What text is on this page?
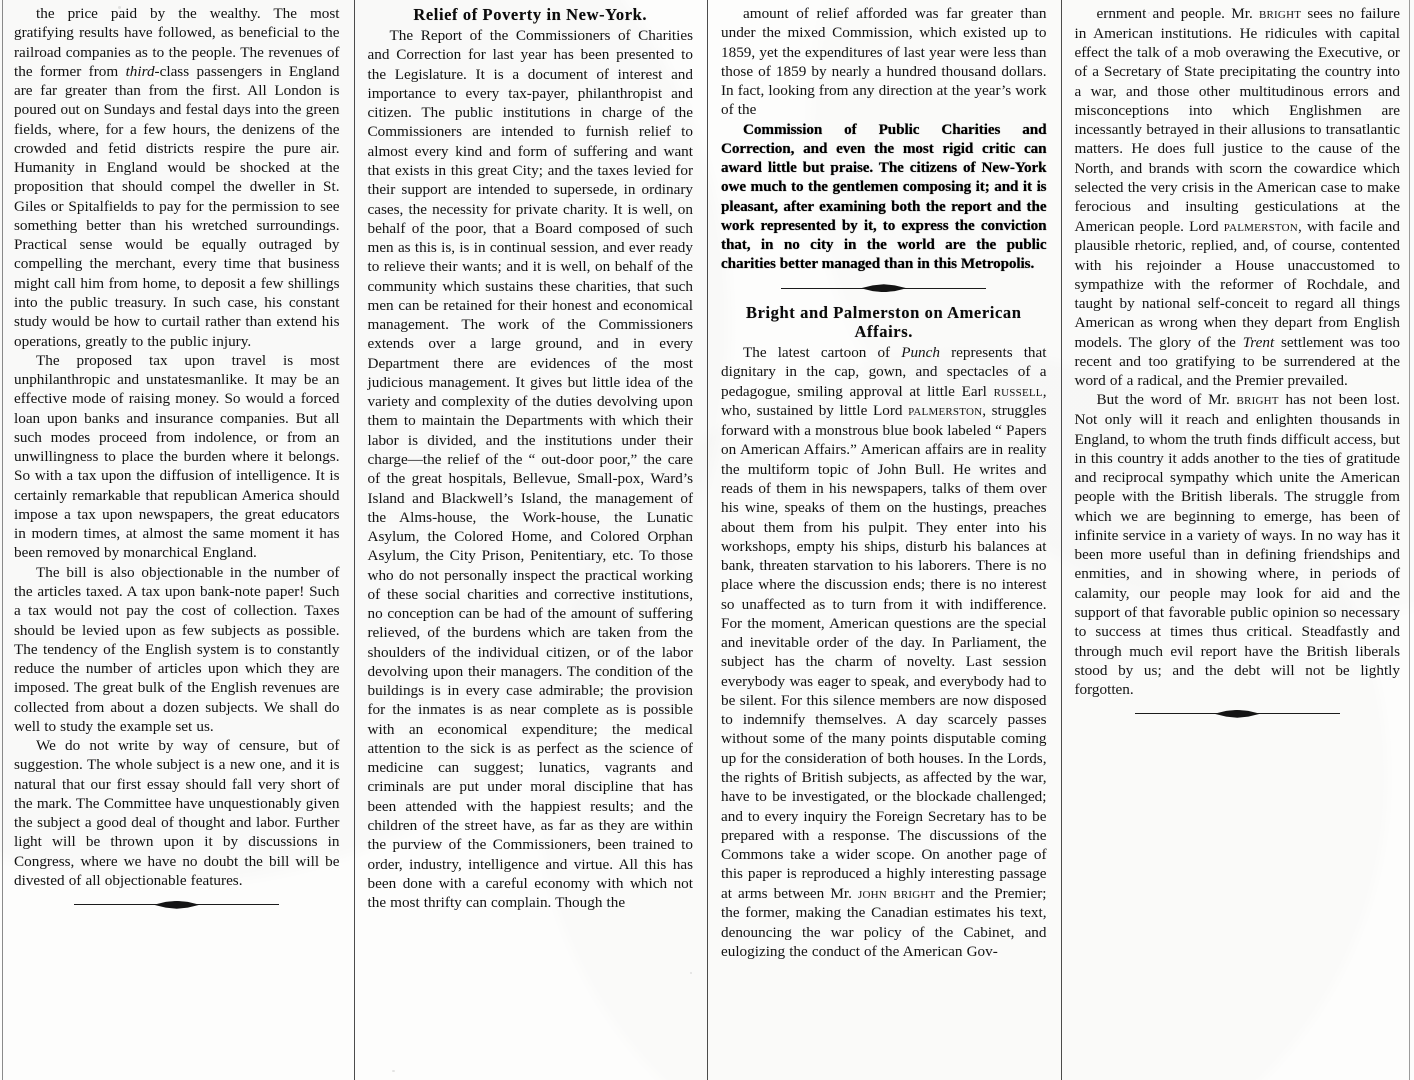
the price paid by the wealthy. The most gratifying results have followed, as beneficial to the railroad companies as to the people. The revenues of the former from third-class passengers in England are far greater than from the first. All London is poured out on Sundays and festal days into the green fields, where, for a few hours, the denizens of the crowded and fetid districts respire the pure air. Humanity in England would be shocked at the proposition that should compel the dweller in St. Giles or Spitalfields to pay for the permission to see something better than his wretched surroundings. Practical sense would be equally outraged by compelling the merchant, every time that business might call him from home, to deposit a few shillings into the public treasury. In such case, his constant study would be how to curtail rather than extend his operations, greatly to the public injury.

The proposed tax upon travel is most unphilanthropic and unstatesmanlike. It may be an effective mode of raising money. So would a forced loan upon banks and insurance companies. But all such modes proceed from indolence, or from an unwillingness to place the burden where it belongs. So with a tax upon the diffusion of intelligence. It is certainly remarkable that republican America should impose a tax upon newspapers, the great educators in modern times, at almost the same moment it has been removed by monarchical England.

The bill is also objectionable in the number of the articles taxed. A tax upon bank-note paper! Such a tax would not pay the cost of collection. Taxes should be levied upon as few subjects as possible. The tendency of the English system is to constantly reduce the number of articles upon which they are imposed. The great bulk of the English revenues are collected from about a dozen subjects. We shall do well to study the example set us.

We do not write by way of censure, but of suggestion. The whole subject is a new one, and it is natural that our first essay should fall very short of the mark. The Committee have unquestionably given the subject a good deal of thought and labor. Further light will be thrown upon it by discussions in Congress, where we have no doubt the bill will be divested of all objectionable features.

Relief of Poverty in New-York.

The Report of the Commissioners of Charities and Correction for last year has been presented to the Legislature. It is a document of interest and importance to every tax-payer, philanthropist and citizen. The public institutions in charge of the Commissioners are intended to furnish relief to almost every kind and form of suffering and want that exists in this great City; and the taxes levied for their support are intended to supersede, in ordinary cases, the necessity for private charity. It is well, on behalf of the poor, that a Board composed of such men as this is, is in continual session, and ever ready to relieve their wants; and it is well, on behalf of the community which sustains these charities, that such men can be retained for their honest and economical management. The work of the Commissioners extends over a large ground, and in every Department there are evidences of the most judicious management. It gives but little idea of the variety and complexity of the duties devolving upon them to maintain the Departments with which their labor is divided, and the institutions under their charge—the relief of the “ out-door poor,” the care of the great hospitals, Bellevue, Small-pox, Ward’s Island and Blackwell’s Island, the management of the Alms-house, the Work-house, the Lunatic Asylum, the Colored Home, and Colored Orphan Asylum, the City Prison, Penitentiary, etc. To those who do not personally inspect the practical working of these social charities and corrective institutions, no conception can be had of the amount of suffering relieved, of the burdens which are taken from the shoulders of the individual citizen, or of the labor devolving upon their managers. The condition of the buildings is in every case admirable; the provision for the inmates is as near complete as is possible with an economical expenditure; the medical attention to the sick is as perfect as the science of medicine can suggest; lunatics, vagrants and criminals are put under moral discipline that has been attended with the happiest results; and the children of the street have, as far as they are within the purview of the Commissioners, been trained to order, industry, intelligence and virtue. All this has been done with a careful economy with which not the most thrifty can complain. Though the

amount of relief afforded was far greater than under the mixed Commission, which existed up to 1859, yet the expenditures of last year were less than those of 1859 by nearly a hundred thousand dollars. In fact, looking from any direction at the year’s work of the

Commission of Public Charities and Correction, and even the most rigid critic can award little but praise. The citizens of New-York owe much to the gentlemen composing it; and it is pleasant, after examining both the report and the work represented by it, to express the conviction that, in no city in the world are the public charities better managed than in this Metropolis.

Bright and Palmerston on American Affairs.

The latest cartoon of Punch represents that dignitary in the cap, gown, and spectacles of a pedagogue, smiling approval at little Earl russell, who, sustained by little Lord palmerston, struggles forward with a monstrous blue book labeled “ Papers on American Affairs.” American affairs are in reality the multiform topic of John Bull. He writes and reads of them in his newspapers, talks of them over his wine, speaks of them on the hustings, preaches about them from his pulpit. They enter into his workshops, empty his ships, disturb his balances at bank, threaten starvation to his laborers. There is no place where the discussion ends; there is no interest so unaffected as to turn from it with indifference. For the moment, American questions are the special and inevitable order of the day. In Parliament, the subject has the charm of novelty. Last session everybody was eager to speak, and everybody had to be silent. For this silence members are now disposed to indemnify themselves. A day scarcely passes without some of the many points disputable coming up for the consideration of both houses. In the Lords, the rights of British subjects, as affected by the war, have to be investigated, or the blockade challenged; and to every inquiry the Foreign Secretary has to be prepared with a response. The discussions of the Commons take a wider scope. On another page of this paper is reproduced a highly interesting passage at arms between Mr. john bright and the Premier; the former, making the Canadian estimates his text, denouncing the war policy of the Cabinet, and eulogizing the conduct of the American Gov-

ernment and people. Mr. bright sees no failure in American institutions. He ridicules with capital effect the talk of a mob overawing the Executive, or of a Secretary of State precipitating the country into a war, and those other multitudinous errors and misconceptions into which Englishmen are incessantly betrayed in their allusions to transatlantic matters. He does full justice to the cause of the North, and brands with scorn the cowardice which selected the very crisis in the American case to make ferocious and insulting gesticulations at the American people. Lord palmerston, with facile and plausible rhetoric, replied, and, of course, contented with his rejoinder a House unaccustomed to sympathize with the reformer of Rochdale, and taught by national self-conceit to regard all things American as wrong when they depart from English models. The glory of the Trent settlement was too recent and too gratifying to be surrendered at the word of a radical, and the Premier prevailed.

But the word of Mr. bright has not been lost. Not only will it reach and enlighten thousands in England, to whom the truth finds difficult access, but in this country it adds another to the ties of gratitude and reciprocal sympathy which unite the American people with the British liberals. The struggle from which we are beginning to emerge, has been of infinite service in a variety of ways. In no way has it been more useful than in defining friendships and enmities, and in showing where, in periods of calamity, our people may look for aid and the support of that favorable public opinion so necessary to success at times thus critical. Steadfastly and through much evil report have the British liberals stood by us; and the debt will not be lightly forgotten.
